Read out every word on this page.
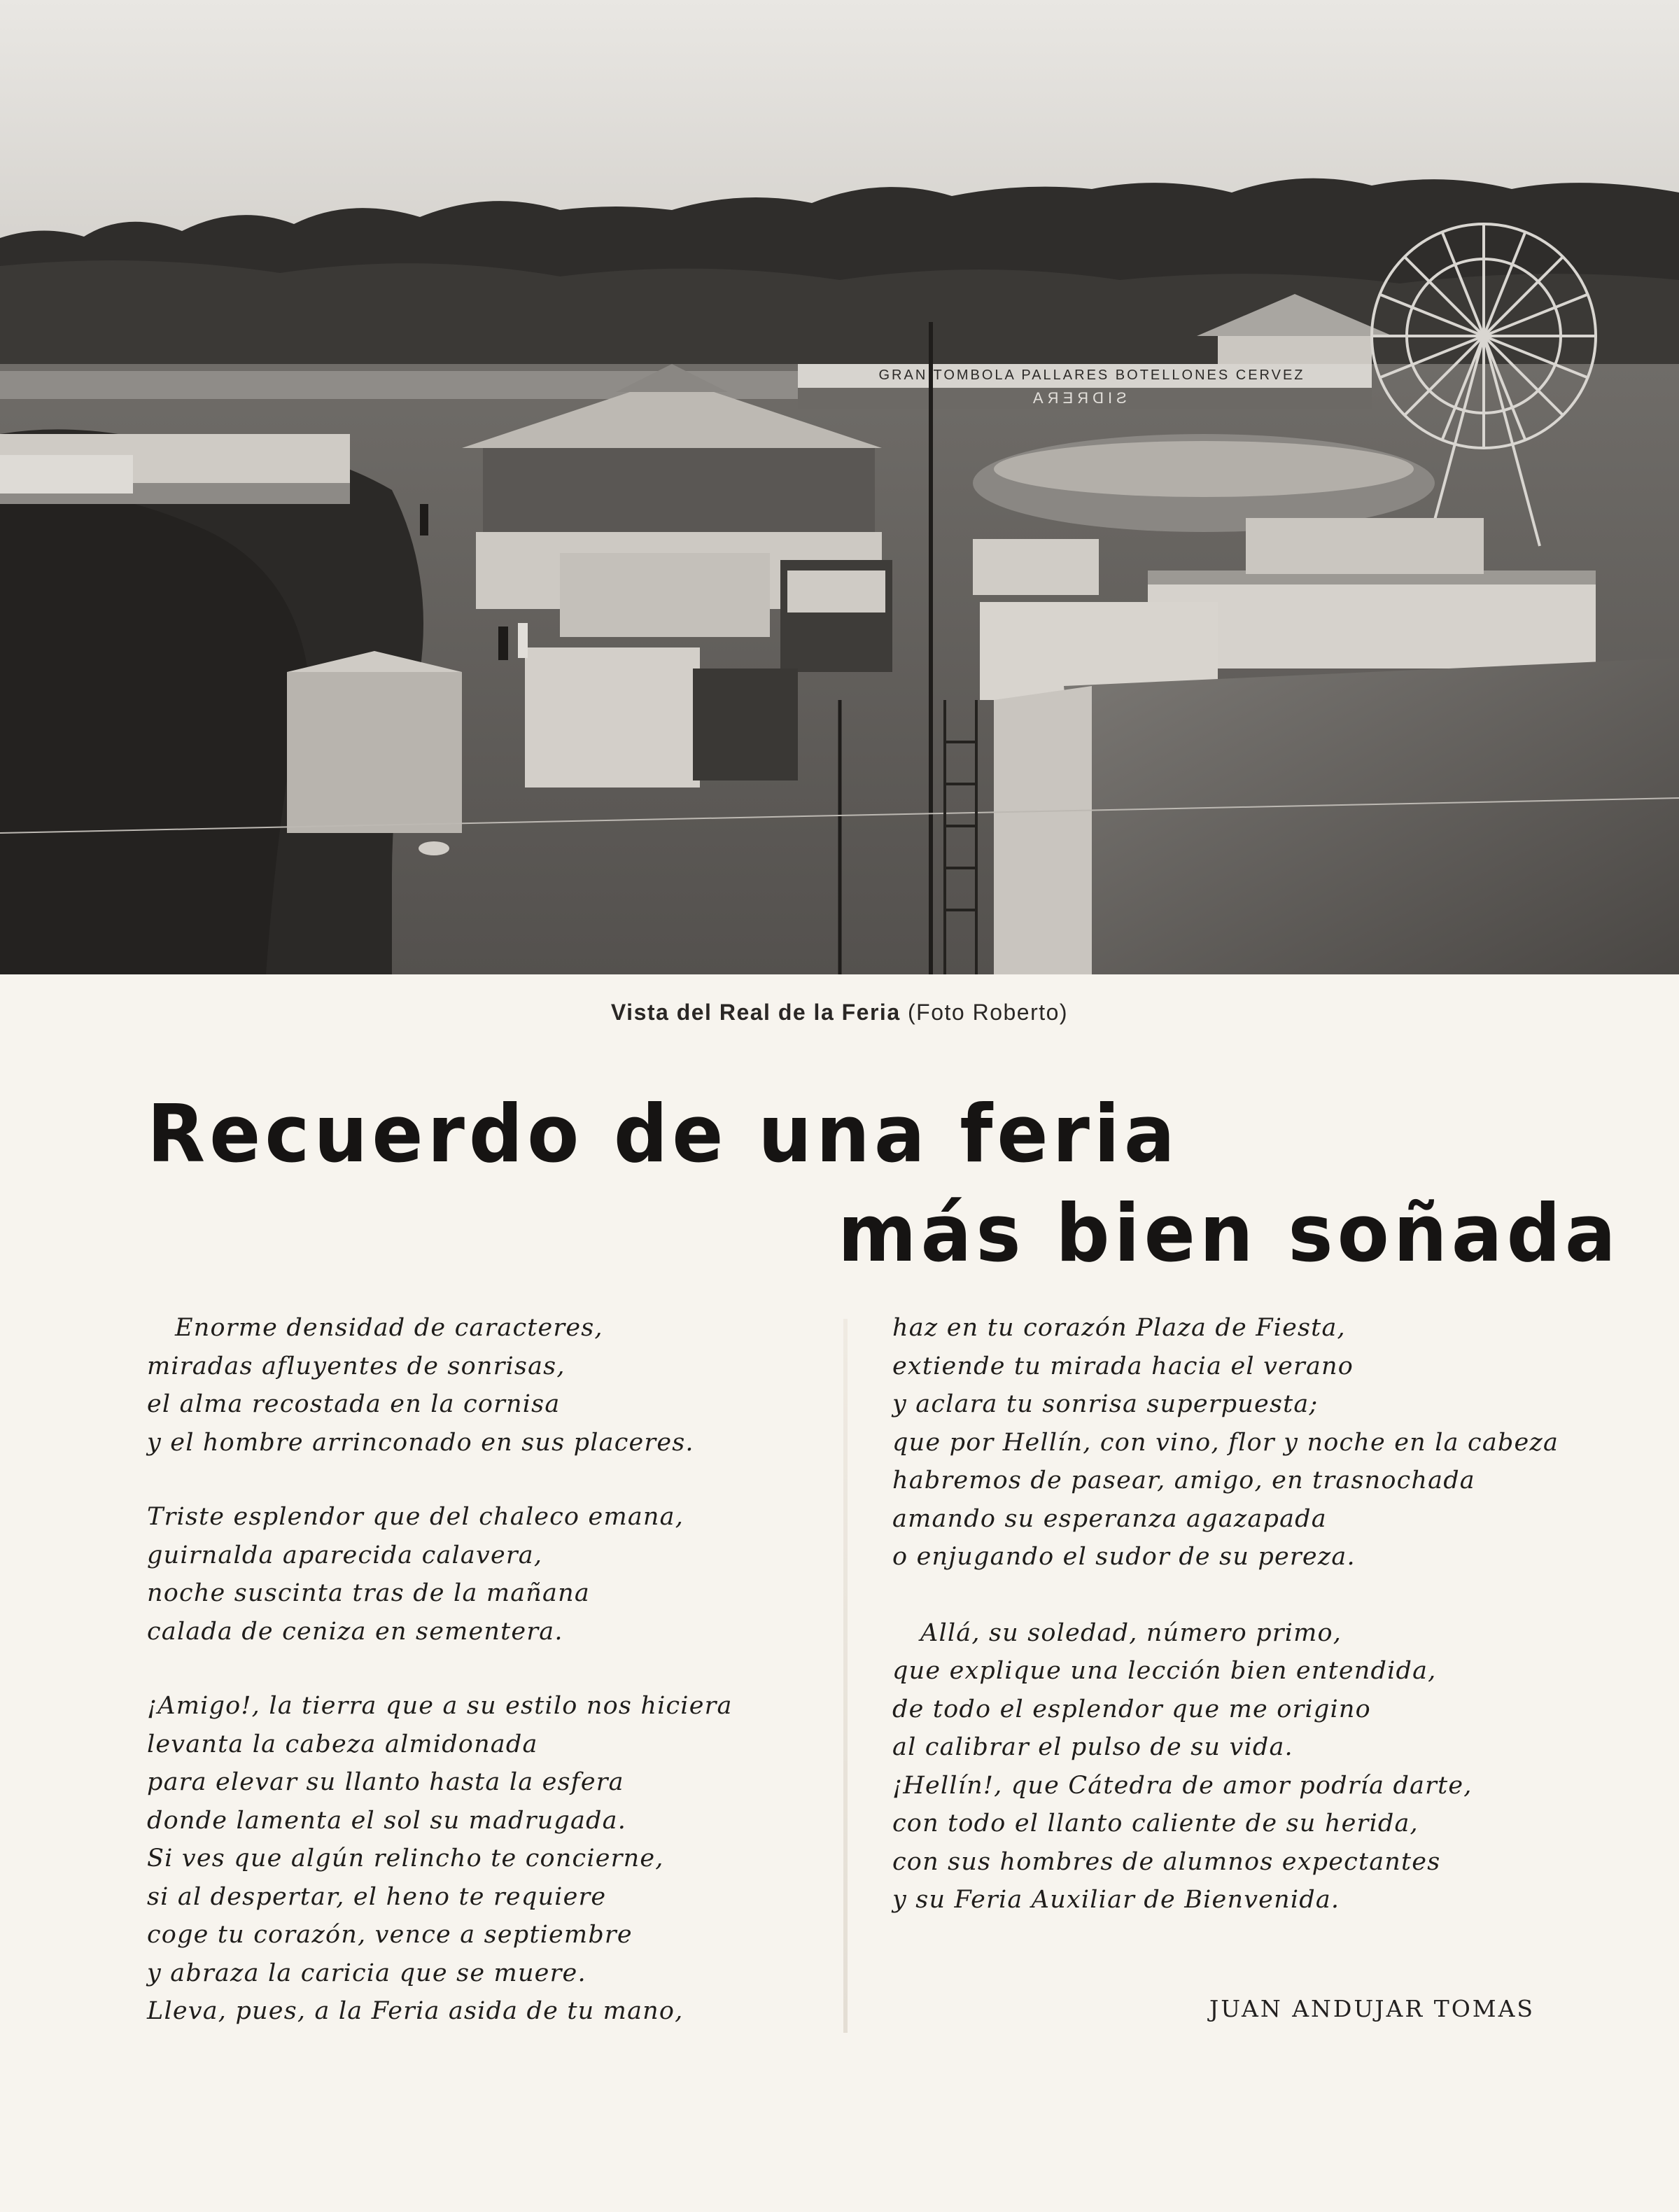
GRAN TOMBOLA PALLARES BOTELLONES CERVEZ
SIDRERA
Vista del Real de la Feria (Foto Roberto)
Recuerdo de una feria
más bien soñada
Enorme densidad de caracteres,
miradas afluyentes de sonrisas,
el alma recostada en la cornisa
y el hombre arrinconado en sus placeres.
Triste esplendor que del chaleco emana,
guirnalda aparecida calavera,
noche suscinta tras de la mañana
calada de ceniza en sementera.
¡Amigo!, la tierra que a su estilo nos hiciera
levanta la cabeza almidonada
para elevar su llanto hasta la esfera
donde lamenta el sol su madrugada.
Si ves que algún relincho te concierne,
si al despertar, el heno te requiere
coge tu corazón, vence a septiembre
y abraza la caricia que se muere.
Lleva, pues, a la Feria asida de tu mano,
haz en tu corazón Plaza de Fiesta,
extiende tu mirada hacia el verano
y aclara tu sonrisa superpuesta;
que por Hellín, con vino, flor y noche en la cabeza
habremos de pasear, amigo, en trasnochada
amando su esperanza agazapada
o enjugando el sudor de su pereza.
Allá, su soledad, número primo,
que explique una lección bien entendida,
de todo el esplendor que me origino
al calibrar el pulso de su vida.
¡Hellín!, que Cátedra de amor podría darte,
con todo el llanto caliente de su herida,
con sus hombres de alumnos expectantes
y su Feria Auxiliar de Bienvenida.
JUAN ANDUJAR TOMAS
